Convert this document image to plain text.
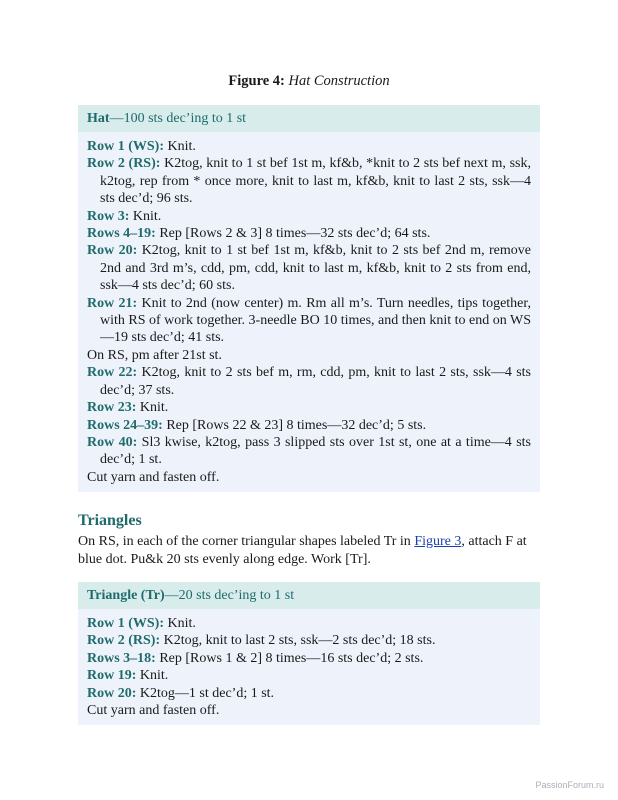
Figure 4: Hat Construction
Hat—100 sts dec’ing to 1 st
Row 1 (WS): Knit.
Row 2 (RS): K2tog, knit to 1 st bef 1st m, kf&b, *knit to 2 sts bef next m, ssk, k2tog, rep from * once more, knit to last m, kf&b, knit to last 2 sts, ssk—4 sts dec’d; 96 sts.
Row 3: Knit.
Rows 4–19: Rep [Rows 2 & 3] 8 times—32 sts dec’d; 64 sts.
Row 20: K2tog, knit to 1 st bef 1st m, kf&b, knit to 2 sts bef 2nd m, remove 2nd and 3rd m’s, cdd, pm, cdd, knit to last m, kf&b, knit to 2 sts from end, ssk—4 sts dec’d; 60 sts.
Row 21: Knit to 2nd (now center) m. Rm all m’s. Turn needles, tips together, with RS of work together. 3-needle BO 10 times, and then knit to end on WS—19 sts dec’d; 41 sts.
On RS, pm after 21st st.
Row 22: K2tog, knit to 2 sts bef m, rm, cdd, pm, knit to last 2 sts, ssk—4 sts dec’d; 37 sts.
Row 23: Knit.
Rows 24–39: Rep [Rows 22 & 23] 8 times—32 dec’d; 5 sts.
Row 40: Sl3 kwise, k2tog, pass 3 slipped sts over 1st st, one at a time—4 sts dec’d; 1 st.
Cut yarn and fasten off.
Triangles
On RS, in each of the corner triangular shapes labeled Tr in Figure 3, attach F at blue dot. Pu&k 20 sts evenly along edge. Work [Tr].
Triangle (Tr)—20 sts dec’ing to 1 st
Row 1 (WS): Knit.
Row 2 (RS): K2tog, knit to last 2 sts, ssk—2 sts dec’d; 18 sts.
Rows 3–18: Rep [Rows 1 & 2] 8 times—16 sts dec’d; 2 sts.
Row 19: Knit.
Row 20: K2tog—1 st dec’d; 1 st.
Cut yarn and fasten off.
PassionForum.ru
